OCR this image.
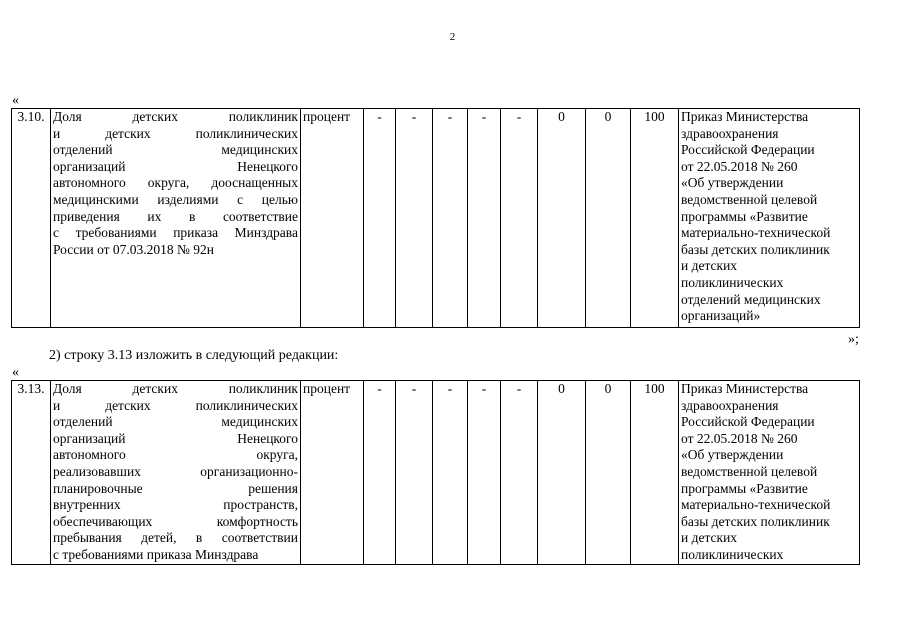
2
«
3.10.	Доля детских поликлиник
и детских поликлинических
отделений медицинских
организаций Ненецкого
автономного округа, дооснащенных
медицинскими изделиями с целью
приведения их в соответствие
с требованиями приказа Минздрава
России от 07.03.2018 № 92н
	процент	-	-	-	-	-	0	0	100	Приказ Министерства
здравоохранения
Российской Федерации
от 22.05.2018 № 260
«Об утверждении
ведомственной целевой
программы «Развитие
материально-технической
базы детских поликлиник
и детских
поликлинических
отделений медицинских
организаций»
»;
2) строку 3.13 изложить в следующий редакции:
«
3.13.	Доля детских поликлиник
и детских поликлинических
отделений медицинских
организаций Ненецкого
автономного округа,
реализовавших организационно-
планировочные решения
внутренних пространств,
обеспечивающих комфортность
пребывания детей, в соответствии
с требованиями приказа Минздрава
	процент	-	-	-	-	-	0	0	100	Приказ Министерства
здравоохранения
Российской Федерации
от 22.05.2018 № 260
«Об утверждении
ведомственной целевой
программы «Развитие
материально-технической
базы детских поликлиник
и детских
поликлинических
